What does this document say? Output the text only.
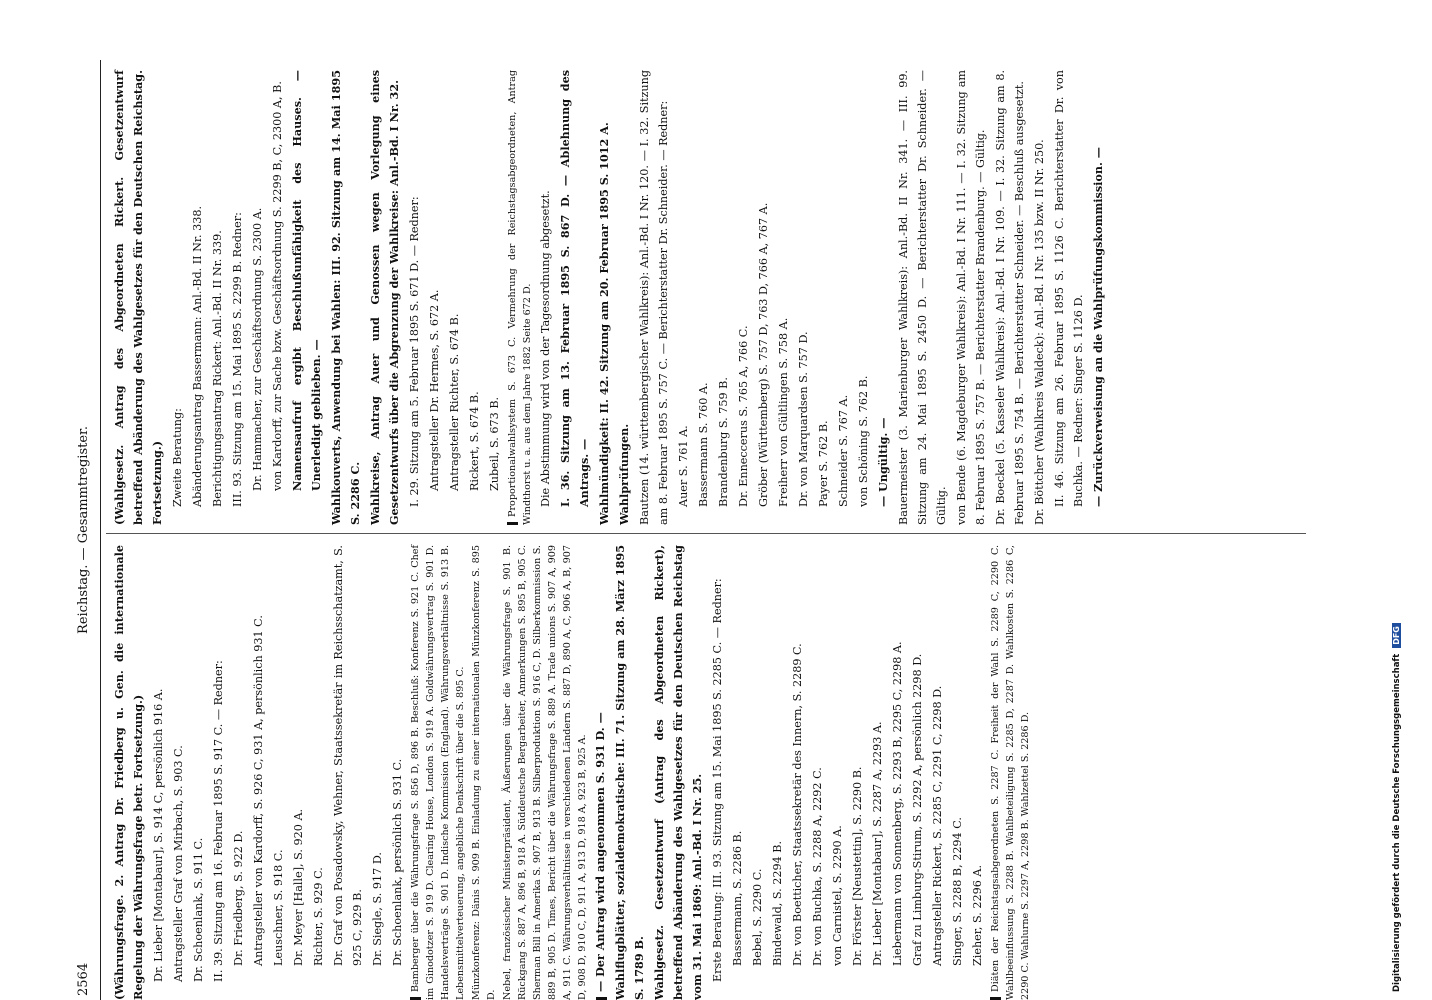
2564
Reichstag. — Gesammtregister.

(Währungsfrage. 2. Antrag Dr. Friedberg u. Gen. die internationale Regelung der Währungsfrage betr. Fortsetzung.) Dr. Lieber [Montabaur], S. 914 C, persönlich 916 A. Antragsteller Graf von Mirbach, S. 903 C. Dr. Schoenlank, S. 911 C. II. 39. Sitzung am 16. Februar 1895 S. 917 C. — Redner: Dr. Friedberg, S. 922 D. Antragsteller von Kardorff, S. 926 C, 931 A, persönlich 931 C. Leuschner, S. 918 C. Dr. Meyer [Halle], S. 920 A. Richter, S. 929 C. Dr. Graf von Posadowsky, Wehner, Staatssekretär im Reichsschatzamt, S. 925 C, 929 B. Dr. Siegle, S. 917 D. Dr. Schoenlank, persönlich S. 931 C. Bamberger über die Währungsfrage S. 856 D, 896 B. Beschluß: Konferenz S. 921 C. Chef im Ginodotzer S. 919 D. Clearing House, London S. 919 A. Goldwährungsvertrag S. 901 D. Handelsverträge S. 901 D. Indische Kommission (England). Währungsverhältnisse S. 913 B. Lebensmittelverteuerung, angebliche Denkschrift über die S. 895 C. Münzkonferenz: Dänis S. 909 B. Einladung zu einer internationalen Münzkonferenz S. 895 D. Nebel, französischer Ministerpräsident, Äußerungen über die Währungsfrage S. 901 B. Rückgang S. 887 A, 896 B, 918 A. Süddeutsche Bergarbeiter, Anmerkungen S. 895 B, 905 C. Sherman Bill in Amerika S. 907 B, 913 B. Silberproduktion S. 916 C, D. Silberkommission S. 889 B, 905 D. Times, Bericht über die Währungsfrage S. 889 A. Trade unions S. 907 A, 909 A, 911 C. Währungsverhältnisse in verschiedenen Ländern S. 887 D, 890 A, C, 906 A, B, 907 D, 908 D, 910 C, D, 911 A, 913 D, 918 A, 923 B, 925 A. — Der Antrag wird angenommen S. 931 D. — Wahlflugblätter, sozialdemokratische: III. 71. Sitzung am 28. März 1895 S. 1789 B. Wahlgesetz. Gesetzentwurf (Antrag des Abgeordneten Rickert), betreffend Abänderung des Wahlgesetzes für den Deutschen Reichstag vom 31. Mai 1869: Anl.-Bd. I Nr. 25. Erste Beratung: III. 93. Sitzung am 15. Mai 1895 S. 2285 C. — Redner: Bassermann, S. 2286 B. Bebel, S. 2290 C. Bindewald, S. 2294 B. Dr. von Boetticher, Staatssekretär des Innern, S. 2289 C. Dr. von Buchka, S. 2288 A, 2292 C. von Carnistel, S. 2290 A. Dr. Förster [Neustettin], S. 2290 B. Dr. Lieber [Montabaur], S. 2287 A, 2293 A. Liebermann von Sonnenberg, S. 2293 B, 2295 C, 2298 A. Graf zu Limburg-Stirum, S. 2292 A, persönlich 2298 D. Antragsteller Rickert, S. 2285 C, 2291 C, 2298 D. Singer, S. 2288 B, 2294 C. Zieher, S. 2296 A. Diäten der Reichstagsabgeordneten S. 2287 C. Freiheit der Wahl S. 2289 C, 2290 C. Wahlbeeinflussung S. 2288 B. Wahlbeteiligung S. 2285 D, 2287 D. Wahlkosten S. 2286 C, 2290 C. Wahlurne S. 2297 A, 2298 B. Wahlzettel S. 2286 D.

(Wahlgesetz. Antrag des Abgeordneten Rickert. Gesetzentwurf betreffend Abänderung des Wahlgesetzes für den Deutschen Reichstag. Fortsetzung.) Zweite Beratung: Abänderungsantrag Bassermann: Anl.-Bd. II Nr. 338. Berichtigungsantrag Rickert: Anl.-Bd. II Nr. 339. III. 93. Sitzung am 15. Mai 1895 S. 2299 B. Redner: Dr. Hammacher, zur Geschäftsordnung S. 2300 A. von Kardorff, zur Sache bzw. Geschäftsordnung S. 2299 B, C, 2300 A, B. Namensaufruf ergibt Beschlußunfähigkeit des Hauses. — Unerledigt geblieben. — Wahlkouverts, Anwendung bei Wahlen: III. 92. Sitzung am 14. Mai 1895 S. 2286 C. Wahlkreise, Antrag Auer und Genossen wegen Vorlegung eines Gesetzentwurfs über die Abgrenzung der Wahlkreise: Anl.-Bd. I Nr. 32. I. 29. Sitzung am 5. Februar 1895 S. 671 D. — Redner: Antragsteller Dr. Hermes, S. 672 A. Antragsteller Richter, S. 674 B. Rickert, S. 674 B. Zubeil, S. 673 B. Proportionalwahlsystem S. 673 C. Vermehrung der Reichstagsabgeordneten, Antrag Windthorst u. a. aus dem Jahre 1882 Seite 672 D. Die Abstimmung wird von der Tagesordnung abgesetzt. I. 36. Sitzung am 13. Februar 1895 S. 867 D. — Ablehnung des Antrags. — Wahlmündigkeit: II. 42. Sitzung am 20. Februar 1895 S. 1012 A. Wahlprüfungen. Bautzen (14. württembergischer Wahlkreis): Anl.-Bd. I Nr. 120. — I. 32. Sitzung am 8. Februar 1895 S. 757 C. — Berichterstatter Dr. Schneider. — Redner: Auer S. 761 A. Bassermann S. 760 A. Brandenburg S. 759 B. Dr. Enneccerus S. 765 A, 766 C. Gröber (Württemberg) S. 757 D, 763 D, 766 A, 767 A. Freiherr von Gültlingen S. 758 A. Dr. von Marquardsen S. 757 D. Payer S. 762 B. Schneider S. 767 A. von Schöning S. 762 B. — Ungültig. — Bauermeister (3. Marienburger Wahlkreis): Anl.-Bd. II Nr. 341. — III. 99. Sitzung am 24. Mai 1895 S. 2450 D. — Berichterstatter Dr. Schneider. — Gültig. von Bende (6. Magdeburger Wahlkreis): Anl.-Bd. I Nr. 111. — I. 32. Sitzung am 8. Februar 1895 S. 757 B. — Berichterstatter Brandenburg. — Gültig. Dr. Boeckel (5. Kasseler Wahlkreis): Anl.-Bd. I Nr. 109. — I. 32. Sitzung am 8. Februar 1895 S. 754 B. — Berichterstatter Schneider. — Beschluß ausgesetzt. Dr. Böttcher (Wahlkreis Waldeck): Anl.-Bd. I Nr. 135 bzw. II Nr. 250. II. 46. Sitzung am 26. Februar 1895 S. 1126 C. Berichterstatter Dr. von Buchka. — Redner: Singer S. 1126 D. — Zurückverweisung an die Wahlprüfungskommission. —

Digitalisierung gefördert durch die Deutsche ForschungsgemeinschaftDFG
